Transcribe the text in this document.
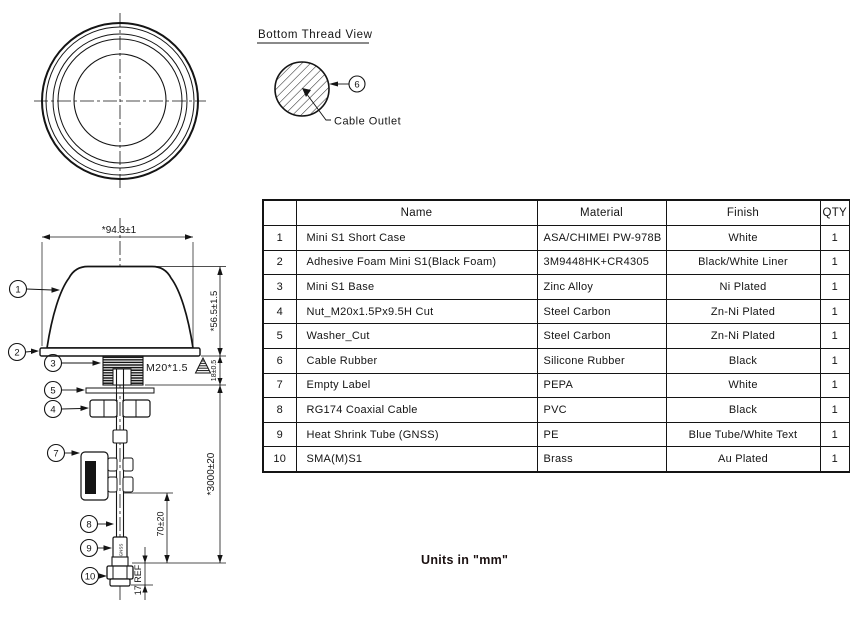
Bottom Thread View
6
Cable Outlet
GNSS
*94.3±1
*56.5±1.5
M20*1.5	18±0.5
*3000±20
70±20
17 REF
1
2
3
5
4
7
8
9
10
	Name	Material	Finish	QTY
1	Mini S1 Short Case	ASA/CHIMEI PW-978B	White	1
2	Adhesive Foam Mini S1(Black Foam)	3M9448HK+CR4305	Black/White Liner	1
3	Mini S1 Base	Zinc Alloy	Ni Plated	1
4	Nut_M20x1.5Px9.5H Cut	Steel Carbon	Zn-Ni Plated	1
5	Washer_Cut	Steel Carbon	Zn-Ni Plated	1
6	Cable Rubber	Silicone Rubber	Black	1
7	Empty Label	PEPA	White	1
8	RG174 Coaxial Cable	PVC	Black	1
9	Heat Shrink Tube (GNSS)	PE	Blue Tube/White Text	1
10	SMA(M)S1	Brass	Au Plated	1
Units in "mm"
